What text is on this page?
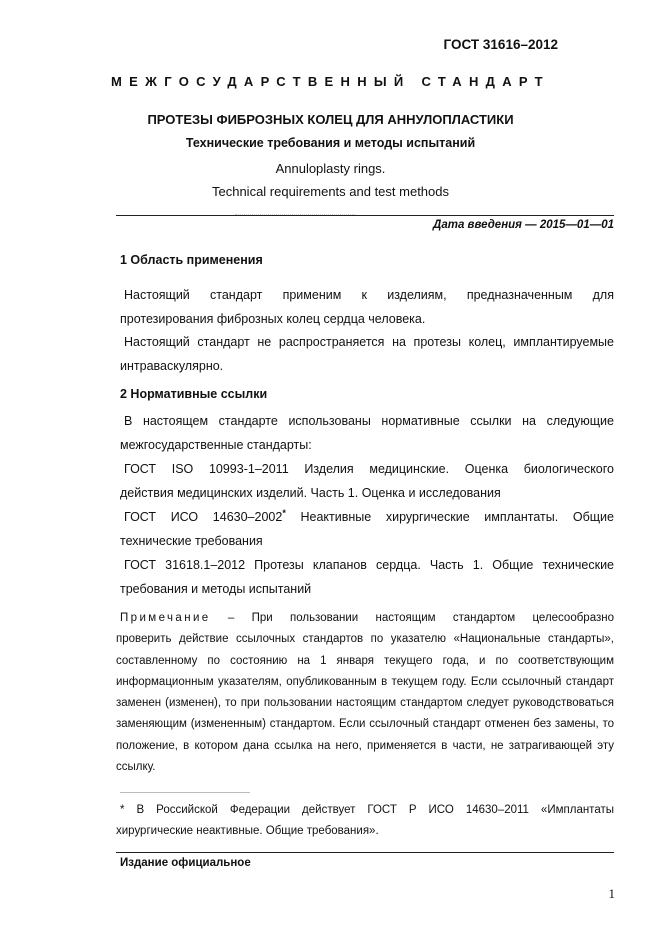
ГОСТ 31616–2012
МЕЖГОСУДАРСТВЕННЫЙ СТАНДАРТ
ПРОТЕЗЫ ФИБРОЗНЫХ КОЛЕЦ ДЛЯ АННУЛОПЛАСТИКИ
Технические требования и методы испытаний
Annuloplasty rings.
Technical requirements and test methods
Дата введения — 2015—01—01
1 Область применения
Настоящий стандарт применим к изделиям, предназначенным для
протезирования фиброзных колец сердца человека.
Настоящий стандарт не распространяется на протезы колец, имплантируемые
интраваскулярно.
2 Нормативные ссылки
В настоящем стандарте использованы нормативные ссылки на следующие
межгосударственные стандарты:
ГОСТ ISO 10993-1–2011 Изделия медицинские. Оценка биологического
действия медицинских изделий. Часть 1. Оценка и исследования
ГОСТ ИСО 14630–2002* Неактивные хирургические имплантаты. Общие
технические требования
ГОСТ 31618.1–2012 Протезы клапанов сердца. Часть 1. Общие технические
требования и методы испытаний
Примечание – При пользовании настоящим стандартом целесообразно
проверить действие ссылочных стандартов по указателю «Национальные стандарты»,
составленному по состоянию на 1 января текущего года, и по соответствующим
информационным указателям, опубликованным в текущем году. Если ссылочный стандарт
заменен (изменен), то при пользовании настоящим стандартом следует руководствоваться
заменяющим (измененным) стандартом. Если ссылочный стандарт отменен без замены, то
положение, в котором дана ссылка на него, применяется в части, не затрагивающей эту
ссылку.
* В Российской Федерации действует ГОСТ Р ИСО 14630–2011 «Имплантаты
хирургические неактивные. Общие требования».
Издание официальное
1
